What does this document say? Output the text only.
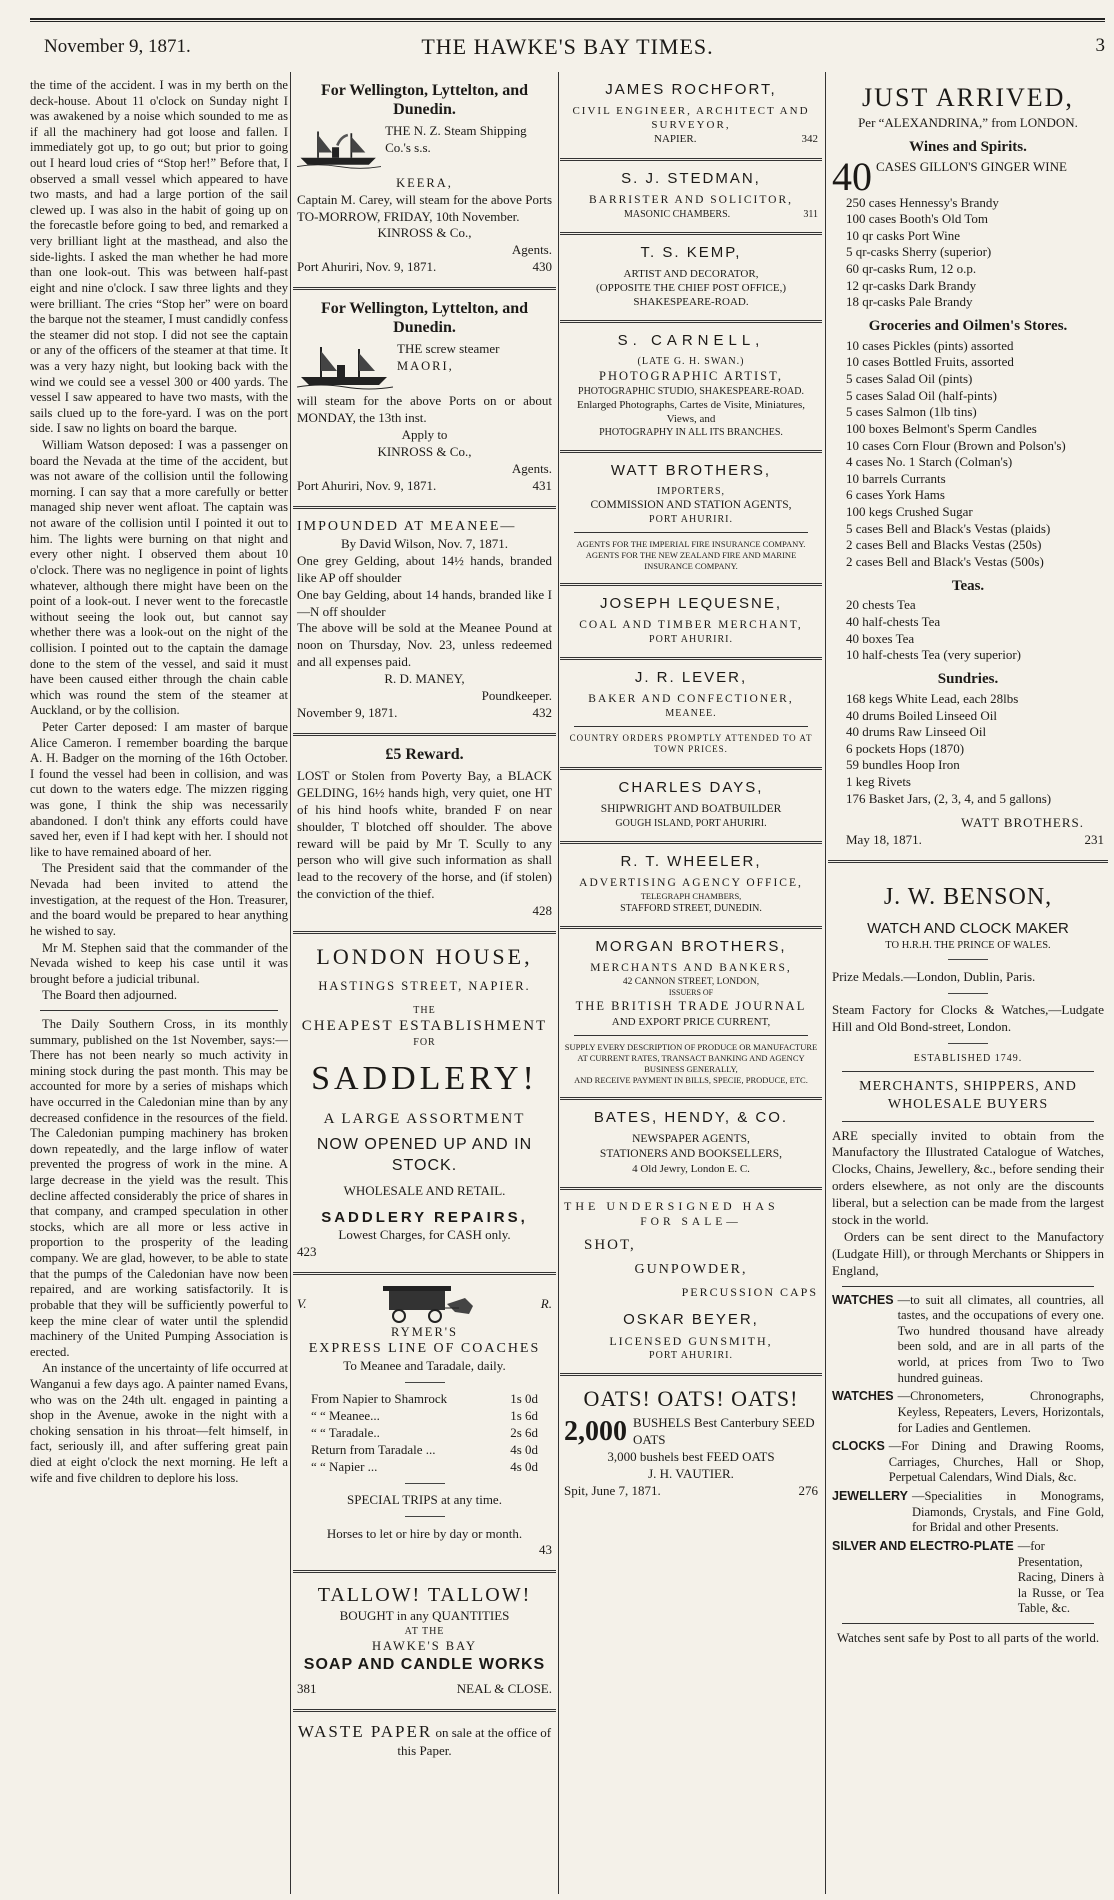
November 9, 1871.	THE HAWKE'S BAY TIMES.	3

the time of the accident. I was in my berth on the deck-house. About 11 o'clock on Sunday night I was awakened by a noise which sounded to me as if all the machinery had got loose and fallen. I immediately got up, to go out; but prior to going out I heard loud cries of “Stop her!” Before that, I observed a small vessel which appeared to have two masts, and had a large portion of the sail clewed up. I was also in the habit of going up on the forecastle before going to bed, and remarked a very brilliant light at the masthead, and also the side-lights. I asked the man whether he had more than one look-out. This was between half-past eight and nine o'clock. I saw three lights and they were brilliant. The cries “Stop her” were on board the barque not the steamer, I must candidly confess the steamer did not stop. I did not see the captain or any of the officers of the steamer at that time. It was a very hazy night, but looking back with the wind we could see a vessel 300 or 400 yards. The vessel I saw appeared to have two masts, with the sails clued up to the fore-yard. I was on the port side. I saw no lights on board the barque.

William Watson deposed: I was a passenger on board the Nevada at the time of the accident, but was not aware of the collision until the following morning. I can say that a more carefully or better managed ship never went afloat. The captain was not aware of the collision until I pointed it out to him. The lights were burning on that night and every other night. I observed them about 10 o'clock. There was no negligence in point of lights whatever, although there might have been on the point of a look-out. I never went to the forecastle without seeing the look out, but cannot say whether there was a look-out on the night of the collision. I pointed out to the captain the damage done to the stem of the vessel, and said it must have been caused either through the chain cable which was round the stem of the steamer at Auckland, or by the collision.

Peter Carter deposed: I am master of barque Alice Cameron. I remember boarding the barque A. H. Badger on the morning of the 16th October. I found the vessel had been in collision, and was cut down to the waters edge. The mizzen rigging was gone, I think the ship was necessarily abandoned. I don't think any efforts could have saved her, even if I had kept with her. I should not like to have remained aboard of her.

The President said that the commander of the Nevada had been invited to attend the investigation, at the request of the Hon. Treasurer, and the board would be prepared to hear anything he wished to say.

Mr M. Stephen said that the commander of the Nevada wished to keep his case until it was brought before a judicial tribunal.

The Board then adjourned.

The Daily Southern Cross, in its monthly summary, published on the 1st November, says:— There has not been nearly so much activity in mining stock during the past month. This may be accounted for more by a series of mishaps which have occurred in the Caledonian mine than by any decreased confidence in the resources of the field. The Caledonian pumping machinery has broken down repeatedly, and the large inflow of water prevented the progress of work in the mine. A large decrease in the yield was the result. This decline affected considerably the price of shares in that company, and cramped speculation in other stocks, which are all more or less active in proportion to the prosperity of the leading company. We are glad, however, to be able to state that the pumps of the Caledonian have now been repaired, and are working satisfactorily. It is probable that they will be sufficiently powerful to keep the mine clear of water until the splendid machinery of the United Pumping Association is erected.

An instance of the uncertainty of life occurred at Wanganui a few days ago. A painter named Evans, who was on the 24th ult. engaged in painting a shop in the Avenue, awoke in the night with a choking sensation in his throat—felt himself, in fact, seriously ill, and after suffering great pain died at eight o'clock the next morning. He left a wife and five children to deplore his loss.

For Wellington, Lyttelton, and Dunedin.
THE N. Z. Steam Shipping Co.'s s.s.
KEERA,
Captain M. Carey, will steam for the above Ports TO-MORROW, FRIDAY, 10th November.
KINROSS & Co.,
Agents.
Port Ahuriri, Nov. 9, 1871.	430
For Wellington, Lyttelton, and Dunedin.
THE screw steamer
MAORI,
will steam for the above Ports on or about MONDAY, the 13th inst.
Apply to
KINROSS & Co.,
Agents.
Port Ahuriri, Nov. 9, 1871.	431
IMPOUNDED AT MEANEE—
By David Wilson, Nov. 7, 1871.
One grey Gelding, about 14½ hands, branded like AP off shoulder
One bay Gelding, about 14 hands, branded like I—N off shoulder
The above will be sold at the Meanee Pound at noon on Thursday, Nov. 23, unless redeemed and all expenses paid.
R. D. MANEY,
Poundkeeper.
November 9, 1871.	432
£5 Reward.
LOST or Stolen from Poverty Bay, a BLACK GELDING, 16½ hands high, very quiet, one HT of his hind hoofs white, branded F on near shoulder, T blotched off shoulder. The above reward will be paid by Mr T. Scully to any person who will give such information as shall lead to the recovery of the horse, and (if stolen) the conviction of the thief.
428
LONDON HOUSE,
HASTINGS STREET, NAPIER.
THE
CHEAPEST ESTABLISHMENT
FOR
SADDLERY!
A LARGE ASSORTMENT
NOW OPENED UP AND IN STOCK.
WHOLESALE AND RETAIL.
SADDLERY REPAIRS,
Lowest Charges, for CASH only.
423
V.	R.
RYMER'S
EXPRESS LINE OF COACHES
To Meanee and Taradale, daily.
From Napier to Shamrock	1s 0d
“ “ Meanee...	1s 6d
“ “ Taradale..	2s 6d
Return from Taradale ...	4s 0d
“ “ Napier ...	4s 0d
SPECIAL TRIPS at any time.
Horses to let or hire by day or month.
43
TALLOW! TALLOW!
BOUGHT in any QUANTITIES
AT THE
HAWKE'S BAY
SOAP AND CANDLE WORKS
381	NEAL & CLOSE.
WASTE PAPER on sale at the office of this Paper.
JAMES ROCHFORT,
CIVIL ENGINEER, ARCHITECT AND SURVEYOR,
NAPIER.	342
S. J. STEDMAN,
BARRISTER AND SOLICITOR,
MASONIC CHAMBERS.	311
T. S. KEMP,
ARTIST AND DECORATOR,
(OPPOSITE THE CHIEF POST OFFICE,)
SHAKESPEARE-ROAD.
S. CARNELL,
(LATE G. H. SWAN.)
PHOTOGRAPHIC ARTIST,
PHOTOGRAPHIC STUDIO, SHAKESPEARE-ROAD.
Enlarged Photographs, Cartes de Visite, Miniatures, Views, and
PHOTOGRAPHY IN ALL ITS BRANCHES.
WATT BROTHERS,
IMPORTERS,
COMMISSION AND STATION AGENTS,
PORT AHURIRI.
AGENTS FOR THE IMPERIAL FIRE INSURANCE COMPANY.
AGENTS FOR THE NEW ZEALAND FIRE AND MARINE INSURANCE COMPANY.
JOSEPH LEQUESNE,
COAL AND TIMBER MERCHANT,
PORT AHURIRI.
J. R. LEVER,
BAKER AND CONFECTIONER,
MEANEE.
COUNTRY ORDERS PROMPTLY ATTENDED TO AT TOWN PRICES.
CHARLES DAYS,
SHIPWRIGHT AND BOATBUILDER
GOUGH ISLAND, PORT AHURIRI.
R. T. WHEELER,
ADVERTISING AGENCY OFFICE,
TELEGRAPH CHAMBERS,
STAFFORD STREET, DUNEDIN.
MORGAN BROTHERS,
MERCHANTS AND BANKERS,
42 CANNON STREET, LONDON,
ISSUERS OF
THE BRITISH TRADE JOURNAL
AND EXPORT PRICE CURRENT,
SUPPLY EVERY DESCRIPTION OF PRODUCE OR MANUFACTURE AT CURRENT RATES, TRANSACT BANKING AND AGENCY BUSINESS GENERALLY,
AND RECEIVE PAYMENT IN BILLS, SPECIE, PRODUCE, ETC.
BATES, HENDY, & CO.
NEWSPAPER AGENTS,
STATIONERS AND BOOKSELLERS,
4 Old Jewry, London E. C.
THE UNDERSIGNED HAS
FOR SALE—
SHOT,
GUNPOWDER,
PERCUSSION CAPS
OSKAR BEYER,
LICENSED GUNSMITH,
PORT AHURIRI.
OATS! OATS! OATS!
2,000 BUSHELS Best Canterbury SEED OATS
3,000 bushels best FEED OATS
J. H. VAUTIER.
Spit, June 7, 1871.	276
JUST ARRIVED,
Per “ALEXANDRINA,” from LONDON.
Wines and Spirits.
40 CASES GILLON'S GINGER WINE
250 cases Hennessy's Brandy
100 cases Booth's Old Tom
10 qr casks Port Wine
5 qr-casks Sherry (superior)
60 qr-casks Rum, 12 o.p.
12 qr-casks Dark Brandy
18 qr-casks Pale Brandy
Groceries and Oilmen's Stores.
10 cases Pickles (pints) assorted
10 cases Bottled Fruits, assorted
5 cases Salad Oil (pints)
5 cases Salad Oil (half-pints)
5 cases Salmon (1lb tins)
100 boxes Belmont's Sperm Candles
10 cases Corn Flour (Brown and Polson's)
4 cases No. 1 Starch (Colman's)
10 barrels Currants
6 cases York Hams
100 kegs Crushed Sugar
5 cases Bell and Black's Vestas (plaids)
2 cases Bell and Blacks Vestas (250s)
2 cases Bell and Black's Vestas (500s)
Teas.
20 chests Tea
40 half-chests Tea
40 boxes Tea
10 half-chests Tea (very superior)
Sundries.
168 kegs White Lead, each 28lbs
40 drums Boiled Linseed Oil
40 drums Raw Linseed Oil
6 pockets Hops (1870)
59 bundles Hoop Iron
1 keg Rivets
176 Basket Jars, (2, 3, 4, and 5 gallons)
WATT BROTHERS.
May 18, 1871.	231
J. W. BENSON,
WATCH AND CLOCK MAKER
TO H.R.H. THE PRINCE OF WALES.
Prize Medals.—London, Dublin, Paris.
Steam Factory for Clocks & Watches,—Ludgate Hill and Old Bond-street, London.
ESTABLISHED 1749.
MERCHANTS, SHIPPERS, AND WHOLESALE BUYERS
ARE specially invited to obtain from the Manufactory the Illustrated Catalogue of Watches, Clocks, Chains, Jewellery, &c., before sending their orders elsewhere, as not only are the discounts liberal, but a selection can be made from the largest stock in the world.
Orders can be sent direct to the Manufactory (Ludgate Hill), or through Merchants or Shippers in England,
WATCHES —to suit all climates, all countries, all tastes, and the occupations of every one. Two hundred thousand have already been sold, and are in all parts of the world, at prices from Two to Two hundred guineas.
WATCHES —Chronometers, Chronographs, Keyless, Repeaters, Levers, Horizontals, for Ladies and Gentlemen.
CLOCKS —For Dining and Drawing Rooms, Carriages, Churches, Hall or Shop, Perpetual Calendars, Wind Dials, &c.
JEWELLERY —Specialities in Monograms, Diamonds, Crystals, and Fine Gold, for Bridal and other Presents.
SILVER AND ELECTRO-PLATE —for Presentation, Racing, Diners à la Russe, or Tea Table, &c.
Watches sent safe by Post to all parts of the world.
